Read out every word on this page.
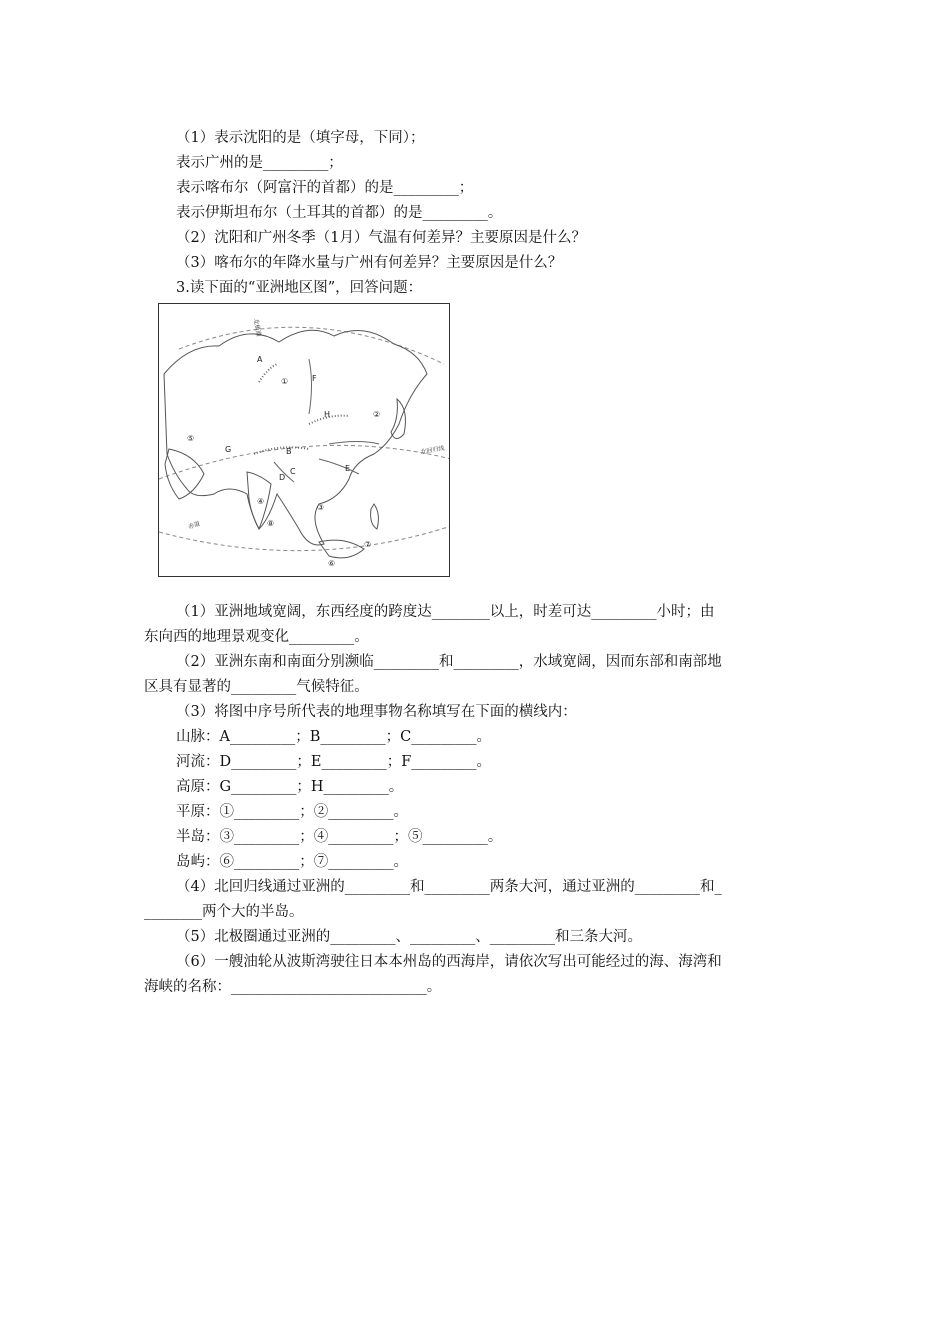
（1）表示沈阳的是（填字母，下同）；
表示广州的是_________；
表示喀布尔（阿富汗的首都）的是_________；
表示伊斯坦布尔（土耳其的首都）的是_________。
（2）沈阳和广州冬季（1月）气温有何差异？主要原因是什么？
（3）喀布尔的年降水量与广州有何差异？主要原因是什么？
3.读下面的“亚洲地区图”，回答问题：
A
B
C
D
E
F
G
H
①
②
③
④
⑤
⑥
⑦
⑧
北极圈
北回归线
赤道
（1）亚洲地域宽阔，东西经度的跨度达________以上，时差可达_________小时；由
东向西的地理景观变化_________。
（2）亚洲东南和南面分别濒临_________和_________，水域宽阔，因而东部和南部地
区具有显著的_________气候特征。
（3）将图中序号所代表的地理事物名称填写在下面的横线内：
山脉：A_________；B_________；C_________。
河流：D_________；E_________；F_________。
高原：G_________；H_________。
平原：①_________；②_________。
半岛：③_________；④_________；⑤_________。
岛屿：⑥_________；⑦_________。
（4）北回归线通过亚洲的_________和_________两条大河，通过亚洲的_________和_
________两个大的半岛。
（5）北极圈通过亚洲的_________、_________、_________和三条大河。
（6）一艘油轮从波斯湾驶往日本本州岛的西海岸，请依次写出可能经过的海、海湾和
海峡的名称：___________________________。
